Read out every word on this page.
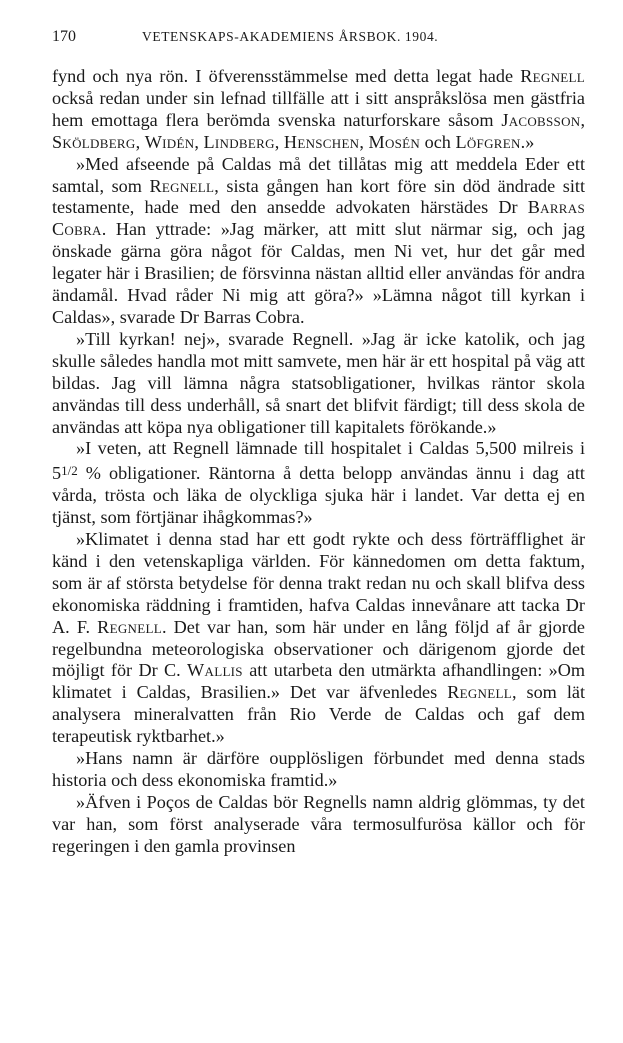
170	VETENSKAPS-AKADEMIENS ÅRSBOK. 1904.

fynd och nya rön. I öfverensstämmelse med detta legat hade Regnell också redan under sin lefnad tillfälle att i sitt anspråkslösa men gästfria hem emottaga flera berömda svenska naturforskare såsom Jacobsson, Sköldberg, Widén, Lindberg, Henschen, Mosén och Löfgren.»

»Med afseende på Caldas må det tillåtas mig att meddela Eder ett samtal, som Regnell, sista gången han kort före sin död ändrade sitt testamente, hade med den ansedde advokaten härstädes Dr Barras Cobra. Han yttrade: »Jag märker, att mitt slut närmar sig, och jag önskade gärna göra något för Caldas, men Ni vet, hur det går med legater här i Brasilien; de försvinna nästan alltid eller användas för andra ändamål. Hvad råder Ni mig att göra?» »Lämna något till kyrkan i Caldas», svarade Dr Barras Cobra.

»Till kyrkan! nej», svarade Regnell. »Jag är icke katolik, och jag skulle således handla mot mitt samvete, men här är ett hospital på väg att bildas. Jag vill lämna några statsobligationer, hvilkas räntor skola användas till dess underhåll, så snart det blifvit färdigt; till dess skola de användas att köpa nya obligationer till kapitalets förökande.»

»I veten, att Regnell lämnade till hospitalet i Caldas 5,500 milreis i $5^{1/2}$ % obligationer. Räntorna å detta belopp användas ännu i dag att vårda, trösta och läka de olyckliga sjuka här i landet. Var detta ej en tjänst, som förtjänar ihågkommas?»

»Klimatet i denna stad har ett godt rykte och dess förträfflighet är känd i den vetenskapliga världen. För kännedomen om detta faktum, som är af största betydelse för denna trakt redan nu och skall blifva dess ekonomiska räddning i framtiden, hafva Caldas innevånare att tacka Dr A. F. Regnell. Det var han, som här under en lång följd af år gjorde regelbundna meteorologiska observationer och därigenom gjorde det möjligt för Dr C. Wallis att utarbeta den utmärkta afhandlingen: »Om klimatet i Caldas, Brasilien.» Det var äfvenledes Regnell, som lät analysera mineralvatten från Rio Verde de Caldas och gaf dem terapeutisk ryktbarhet.»

»Hans namn är därföre oupplösligen förbundet med denna stads historia och dess ekonomiska framtid.»

»Äfven i Poços de Caldas bör Regnells namn aldrig glömmas, ty det var han, som först analyserade våra termosulfurösa källor och för regeringen i den gamla provinsen
